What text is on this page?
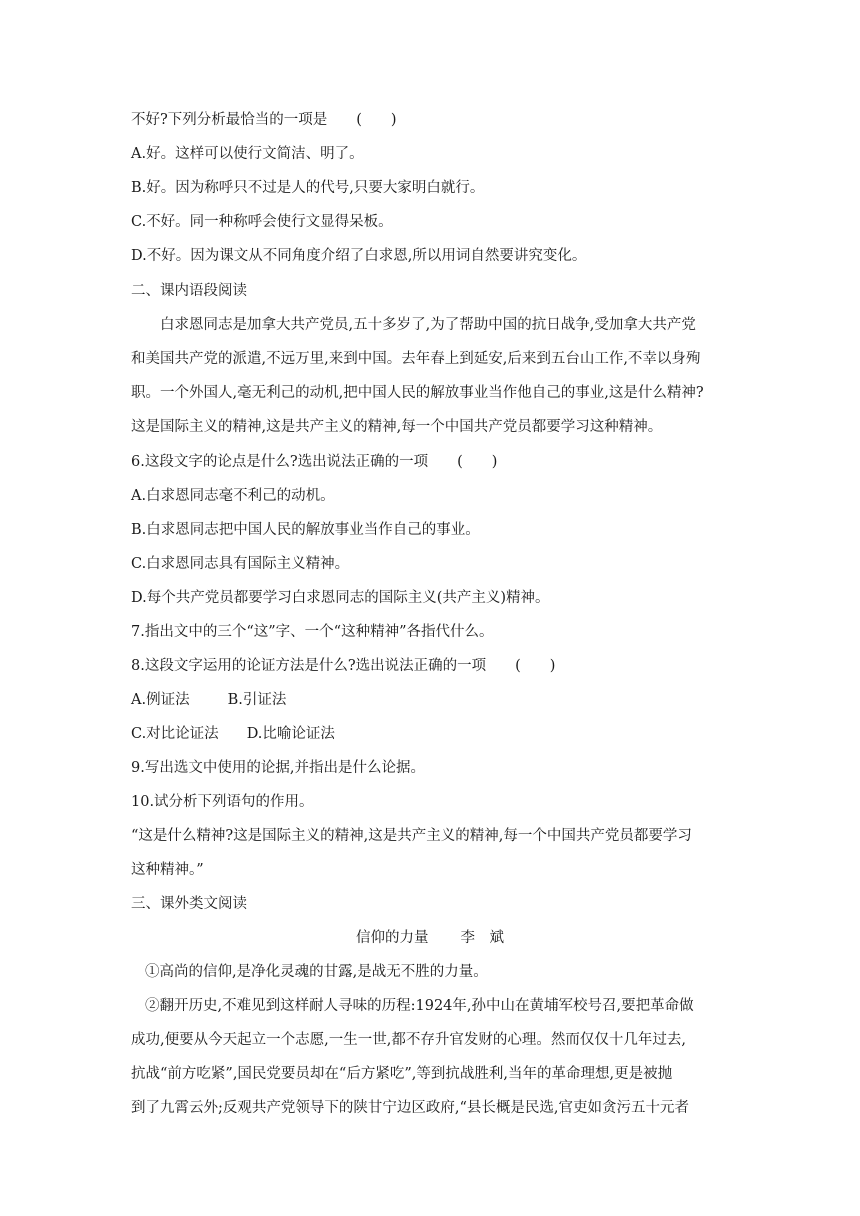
不好?下列分析最恰当的一项是　　(　　)
A.好。这样可以使行文简洁、明了。
B.好。因为称呼只不过是人的代号,只要大家明白就行。
C.不好。同一种称呼会使行文显得呆板。
D.不好。因为课文从不同角度介绍了白求恩,所以用词自然要讲究变化。
二、课内语段阅读
白求恩同志是加拿大共产党员,五十多岁了,为了帮助中国的抗日战争,受加拿大共产党
和美国共产党的派遣,不远万里,来到中国。去年春上到延安,后来到五台山工作,不幸以身殉
职。一个外国人,毫无利己的动机,把中国人民的解放事业当作他自己的事业,这是什么精神?
这是国际主义的精神,这是共产主义的精神,每一个中国共产党员都要学习这种精神。
6.这段文字的论点是什么?选出说法正确的一项　　(　　)
A.白求恩同志毫不利己的动机。
B.白求恩同志把中国人民的解放事业当作自己的事业。
C.白求恩同志具有国际主义精神。
D.每个共产党员都要学习白求恩同志的国际主义(共产主义)精神。
7.指出文中的三个“这”字、一个“这种精神”各指代什么。
8.这段文字运用的论证方法是什么?选出说法正确的一项　　(　　)
A.例证法	B.引证法
C.对比论证法 D.比喻论证法
9.写出选文中使用的论据,并指出是什么论据。
10.试分析下列语句的作用。
“这是什么精神?这是国际主义的精神,这是共产主义的精神,每一个中国共产党员都要学习
这种精神。”
三、课外类文阅读
信仰的力量 李　斌
①高尚的信仰,是净化灵魂的甘露,是战无不胜的力量。
②翻开历史,不难见到这样耐人寻味的历程:1924年,孙中山在黄埔军校号召,要把革命做
成功,便要从今天起立一个志愿,一生一世,都不存升官发财的心理。然而仅仅十几年过去,
抗战“前方吃紧”,国民党要员却在“后方紧吃”,等到抗战胜利,当年的革命理想,更是被抛
到了九霄云外;反观共产党领导下的陕甘宁边区政府,“县长概是民选,官吏如贪污五十元者
